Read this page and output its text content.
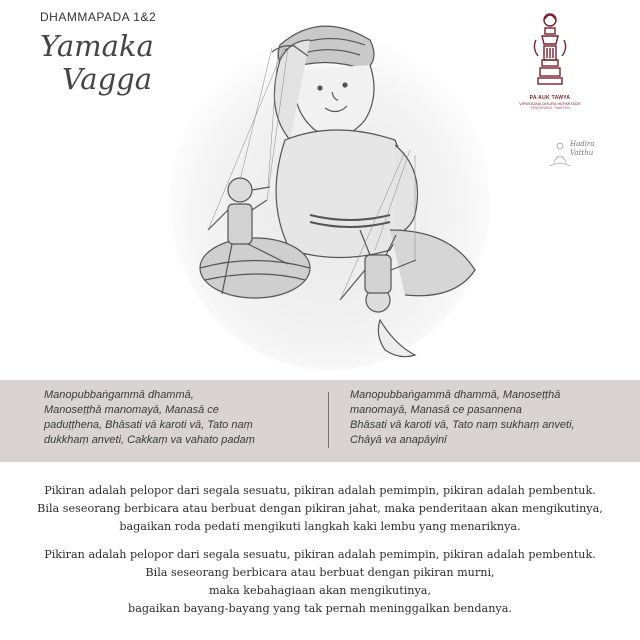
DHAMMAPADA 1&2
Yamaka
Vagga
PA AUK TAWYA
VIPASSANA DHURA HERMITAGE
TANGERANG · BANTEN
Hadira
Vatthu
Manopubbaṅgammā dhammā,
Manoseṭṭhā manomayā, Manasā ce
paduṭṭhena, Bhāsati vā karoti vā, Tato naṃ
dukkhaṃ anveti, Cakkaṃ va vahato padaṃ
Manopubbaṅgammā dhammā, Manoseṭṭhā
manomayā, Manasā ce pasannena
Bhāsati vā karoti vā, Tato naṃ sukhaṃ anveti,
Chāyā va anapāyinī
Pikiran adalah pelopor dari segala sesuatu, pikiran adalah pemimpin, pikiran adalah pembentuk.
Bila seseorang berbicara atau berbuat dengan pikiran jahat, maka penderitaan akan mengikutinya,
bagaikan roda pedati mengikuti langkah kaki lembu yang menariknya.
Pikiran adalah pelopor dari segala sesuatu, pikiran adalah pemimpin, pikiran adalah pembentuk.
Bila seseorang berbicara atau berbuat dengan pikiran murni,
maka kebahagiaan akan mengikutinya,
bagaikan bayang-bayang yang tak pernah meninggalkan bendanya.
